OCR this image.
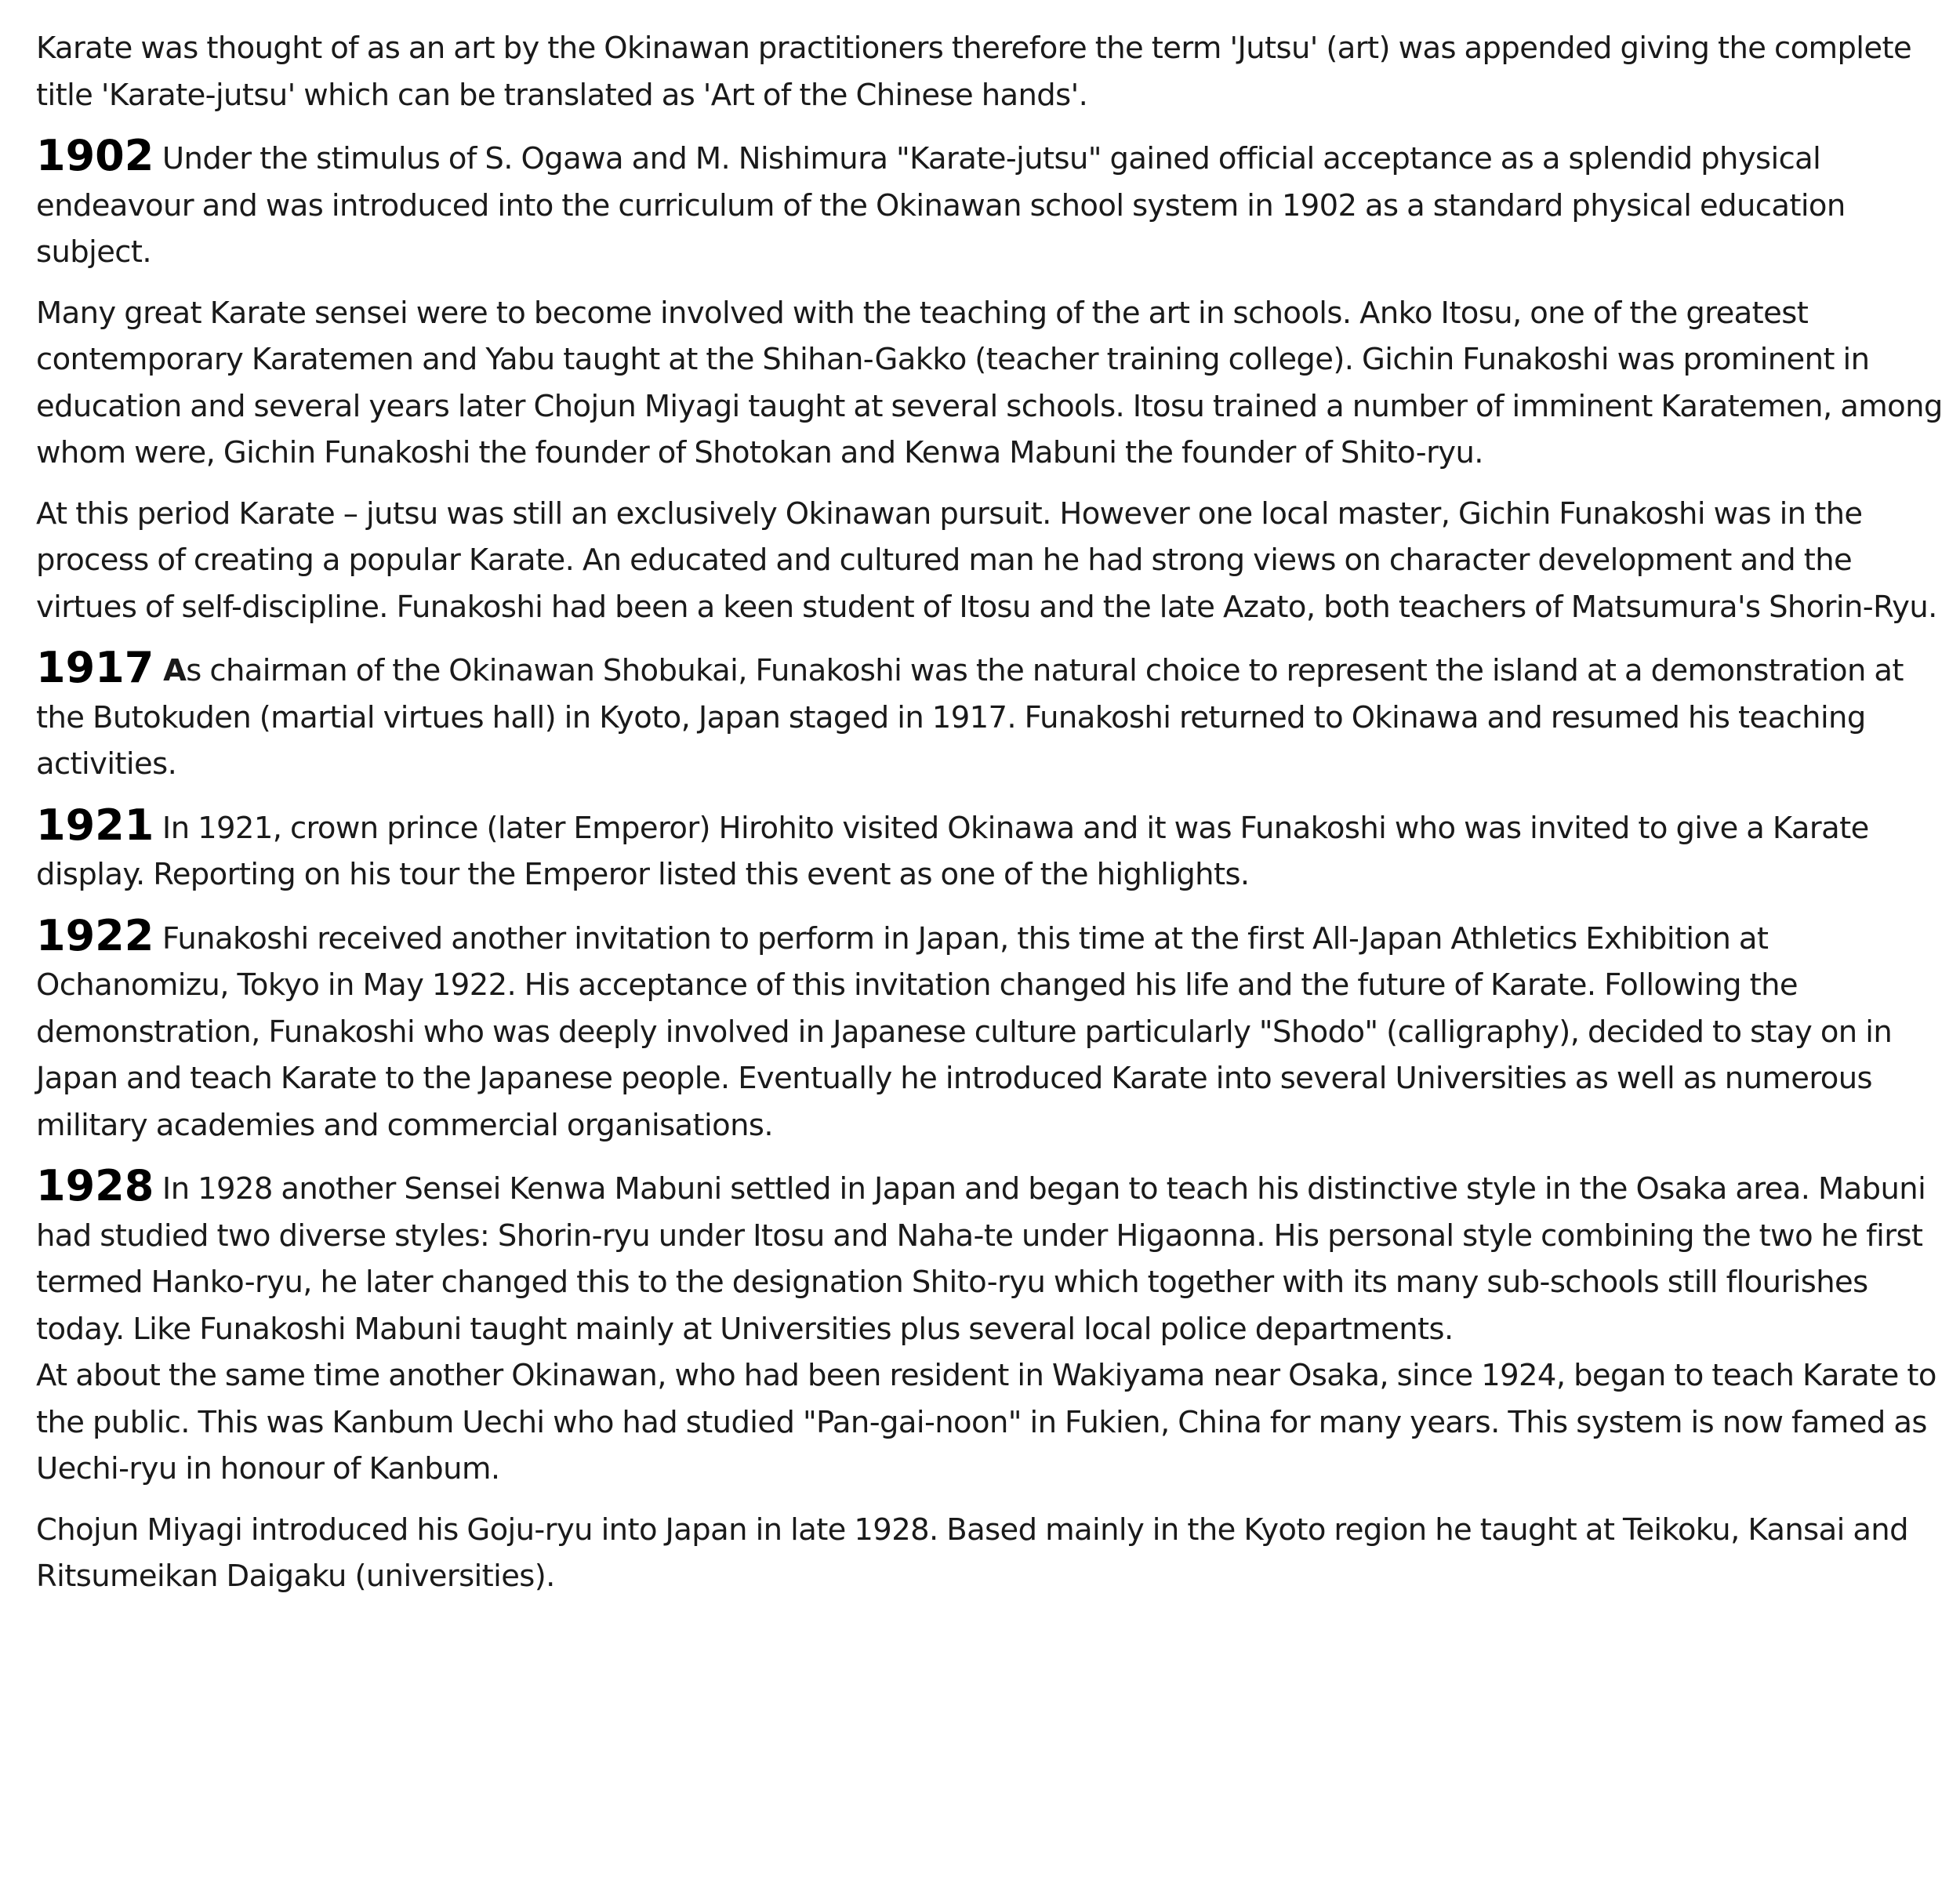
Karate was thought of as an art by the Okinawan practitioners therefore the term 'Jutsu' (art) was appended giving the complete title 'Karate-jutsu' which can be translated as 'Art of the Chinese hands'.

1902 Under the stimulus of S. Ogawa and M. Nishimura "Karate-jutsu" gained official acceptance as a splendid physical endeavour and was introduced into the curriculum of the Okinawan school system in 1902 as a standard physical education subject.

Many great Karate sensei were to become involved with the teaching of the art in schools. Anko Itosu, one of the greatest contemporary Karatemen and Yabu taught at the Shihan-Gakko (teacher training college). Gichin Funakoshi was prominent in education and several years later Chojun Miyagi taught at several schools. Itosu trained a number of imminent Karatemen, among whom were, Gichin Funakoshi the founder of Shotokan and Kenwa Mabuni the founder of Shito-ryu.

At this period Karate – jutsu was still an exclusively Okinawan pursuit. However one local master, Gichin Funakoshi was in the process of creating a popular Karate. An educated and cultured man he had strong views on character development and the virtues of self-discipline. Funakoshi had been a keen student of Itosu and the late Azato, both teachers of Matsumura's Shorin-Ryu.

1917 As chairman of the Okinawan Shobukai, Funakoshi was the natural choice to represent the island at a demonstration at the Butokuden (martial virtues hall) in Kyoto, Japan staged in 1917. Funakoshi returned to Okinawa and resumed his teaching activities.

1921 In 1921, crown prince (later Emperor) Hirohito visited Okinawa and it was Funakoshi who was invited to give a Karate display. Reporting on his tour the Emperor listed this event as one of the highlights.

1922 Funakoshi received another invitation to perform in Japan, this time at the first All-Japan Athletics Exhibition at Ochanomizu, Tokyo in May 1922. His acceptance of this invitation changed his life and the future of Karate. Following the demonstration, Funakoshi who was deeply involved in Japanese culture particularly "Shodo" (calligraphy), decided to stay on in Japan and teach Karate to the Japanese people. Eventually he introduced Karate into several Universities as well as numerous military academies and commercial organisations.

1928 In 1928 another Sensei Kenwa Mabuni settled in Japan and began to teach his distinctive style in the Osaka area. Mabuni had studied two diverse styles: Shorin-ryu under Itosu and Naha-te under Higaonna. His personal style combining the two he first termed Hanko-ryu, he later changed this to the designation Shito-ryu which together with its many sub-schools still flourishes today. Like Funakoshi Mabuni taught mainly at Universities plus several local police departments.

At about the same time another Okinawan, who had been resident in Wakiyama near Osaka, since 1924, began to teach Karate to the public. This was Kanbum Uechi who had studied "Pan-gai-noon" in Fukien, China for many years. This system is now famed as Uechi-ryu in honour of Kanbum.

Chojun Miyagi introduced his Goju-ryu into Japan in late 1928. Based mainly in the Kyoto region he taught at Teikoku, Kansai and Ritsumeikan Daigaku (universities).
